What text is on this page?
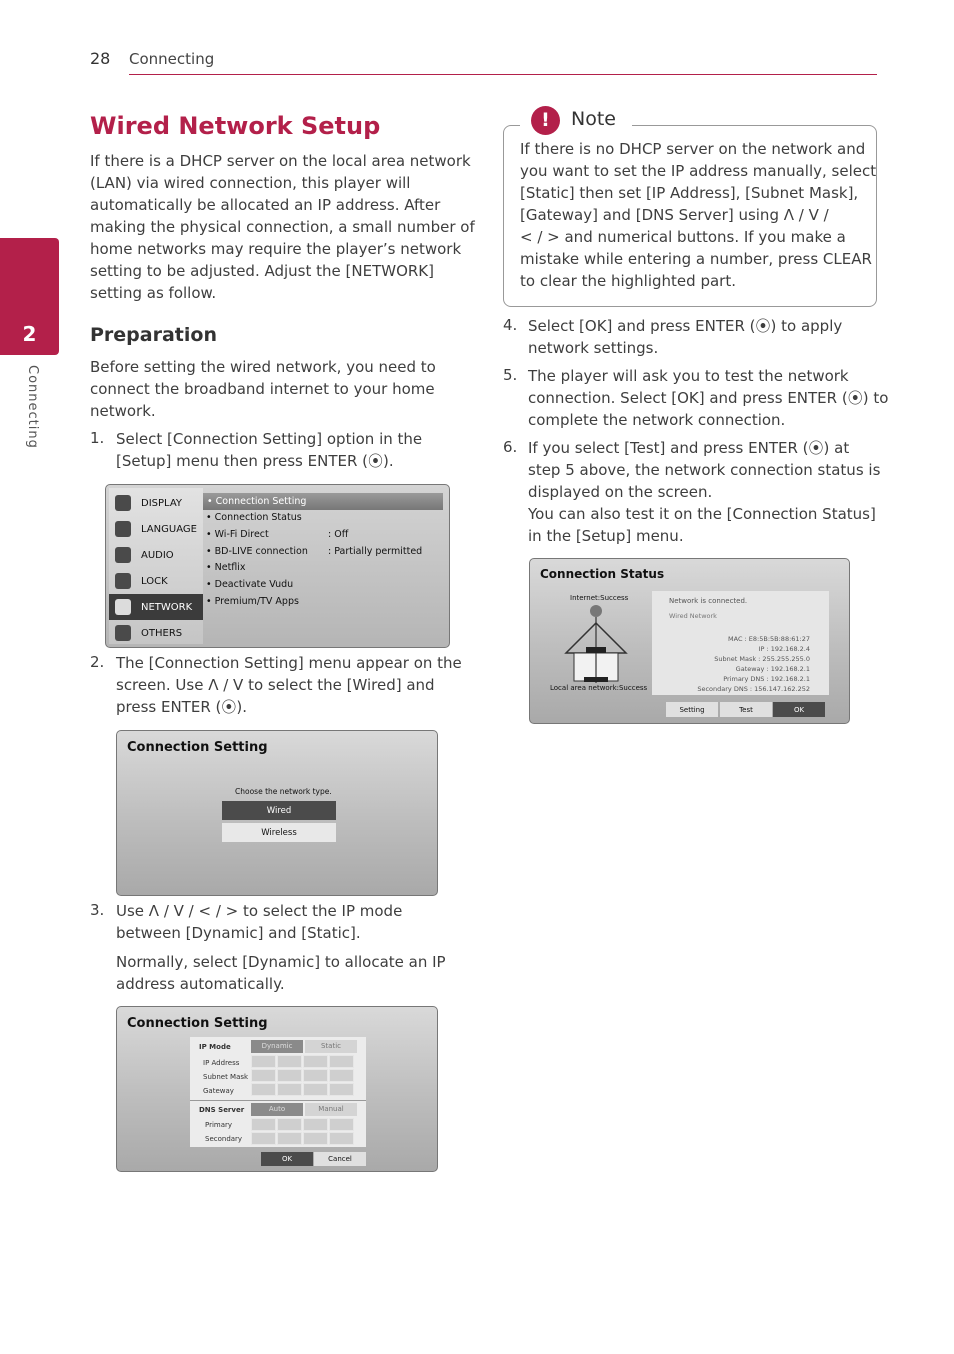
28 Connecting
2
Connecting
Wired Network Setup

If there is a DHCP server on the local area network
(LAN) via wired connection, this player will
automatically be allocated an IP address. After
making the physical connection, a small number of
home networks may require the player’s network
setting to be adjusted. Adjust the [NETWORK]
setting as follow.

Preparation

Before setting the wired network, you need to
connect the broadband internet to your home
network.

1. Select [Connection Setting] option in the
[Setup] menu then press ENTER (⦿).

DISPLAY
LANGUAGE
AUDIO
LOCK
NETWORK
OTHERS
• Connection Setting
• Connection Status
• Wi-Fi Direct	: Off
• BD-LIVE connection : Partially permitted
• Netflix
• Deactivate Vudu
• Premium/TV Apps
2. The [Connection Setting] menu appear on the
screen. Use Λ / V to select the [Wired] and
press ENTER (⦿).

Connection Setting
Choose the network type.
Wired
Wireless
3. Use Λ / V / < / > to select the IP mode
between [Dynamic] and [Static].

Normally, select [Dynamic] to allocate an IP
address automatically.

Connection Setting
IP Mode	Dynamic	Static
IP Address
Subnet Mask
Gateway
DNS Server	Auto	Manual
Primary
Secondary
OK	Cancel
!	Note

If there is no DHCP server on the network and
you want to set the IP address manually, select
[Static] then set [IP Address], [Subnet Mask],
[Gateway] and [DNS Server] using Λ / V /
< / > and numerical buttons. If you make a
mistake while entering a number, press CLEAR
to clear the highlighted part.

4. Select [OK] and press ENTER (⦿) to apply
network settings.

5. The player will ask you to test the network
connection. Select [OK] and press ENTER (⦿) to
complete the network connection.

6. If you select [Test] and press ENTER (⦿) at
step 5 above, the network connection status is
displayed on the screen.
You can also test it on the [Connection Status]
in the [Setup] menu.

Connection Status
Internet:Success
Local area network:Success
Network is connected.
Wired Network
MAC : E8:5B:5B:88:61:27
IP : 192.168.2.4
Subnet Mask : 255.255.255.0
Gateway : 192.168.2.1
Primary DNS : 192.168.2.1
Secondary DNS : 156.147.162.252
Setting	Test	OK
